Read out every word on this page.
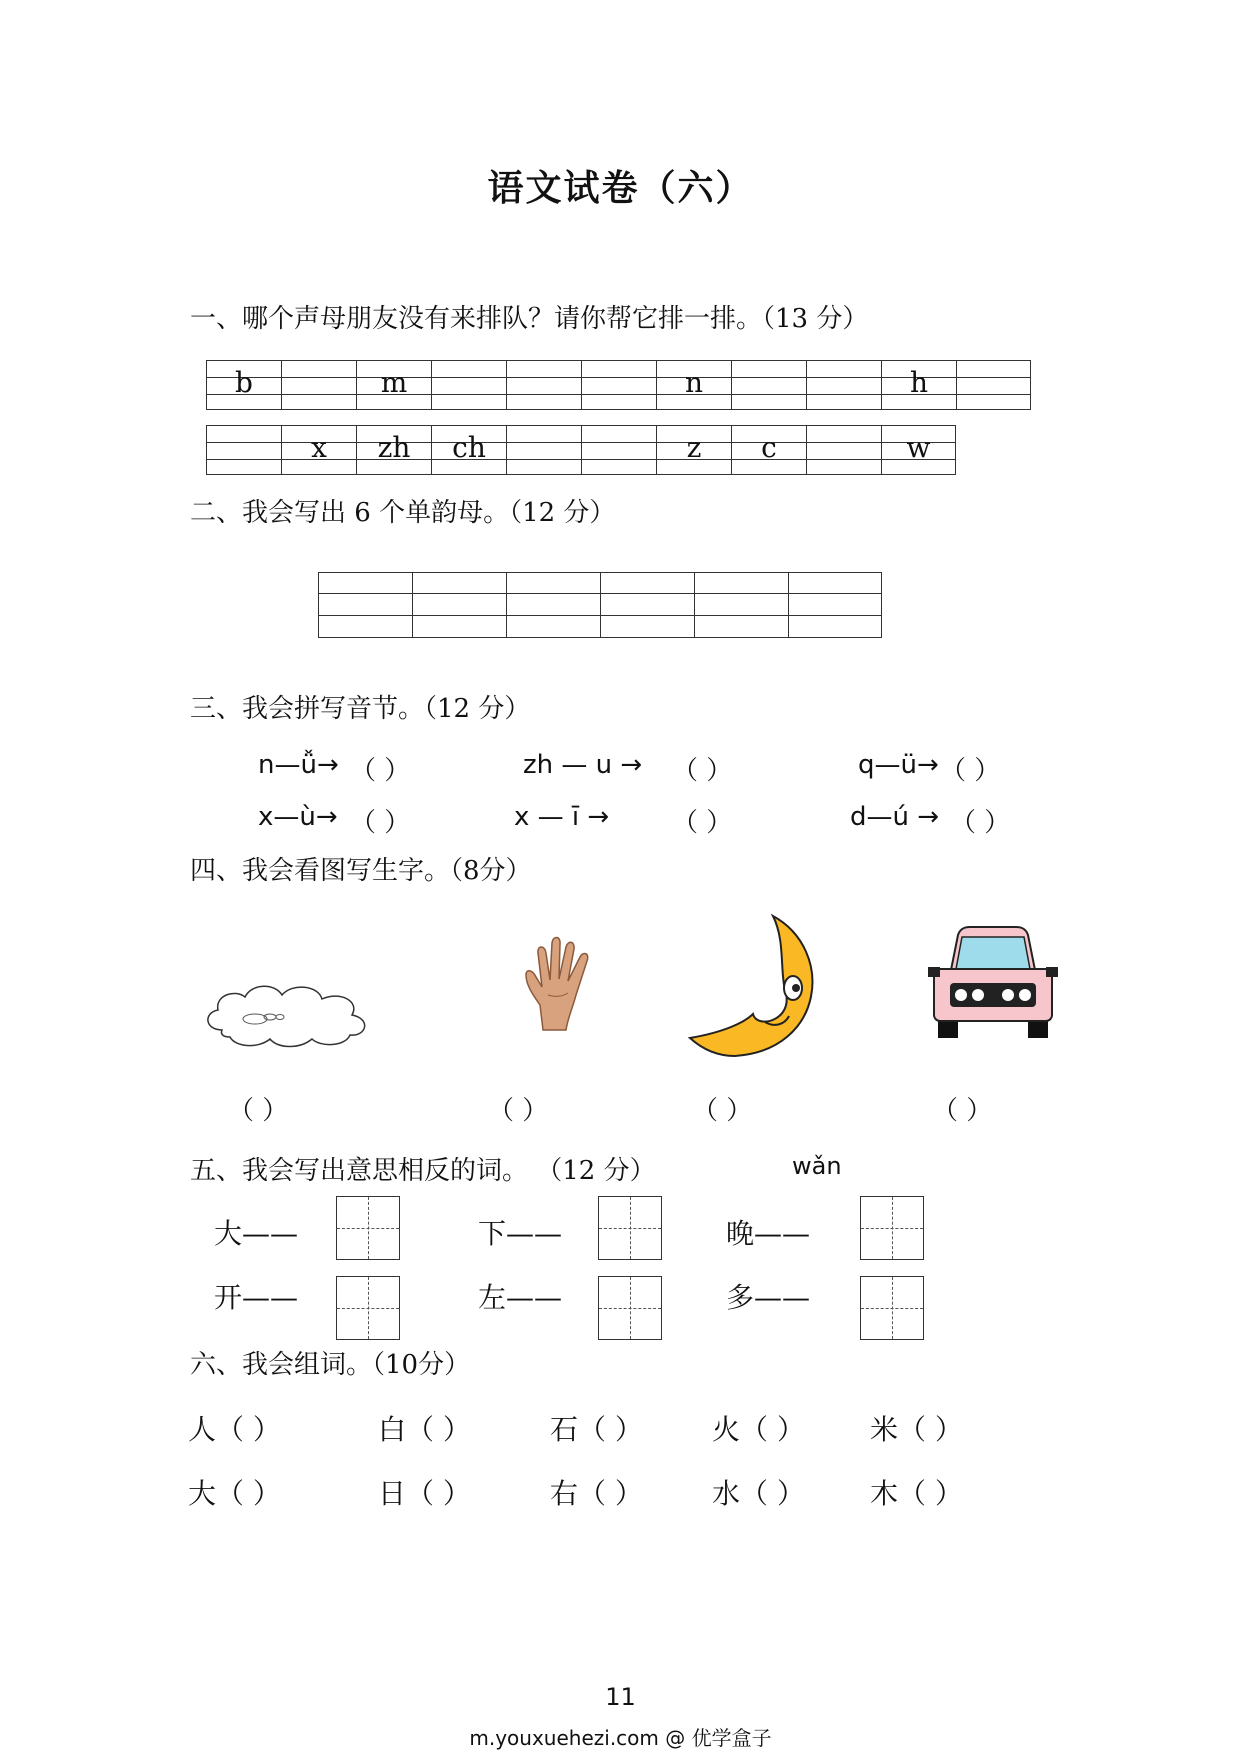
语文试卷（六）
一、哪个声母朋友没有来排队？请你帮它排一排。（13 分）
b	m	n	h
x	zh	ch	z	c	w
二、我会写出 6 个单韵母。（12 分）
三、我会拼写音节。（12 分）
n—ǚ→ （ ）	zh — u → （ ）	q—ü→ （ ）
x—ù→ （ ）	x — ī → （ ）	d—ú → （ ）
四、我会看图写生字。（8分）
（ ）	（ ）	（ ）	（ ）
五、我会写出意思相反的词。 （12 分）	wǎn
大——	下——	晚——
开——	左——	多——
六、我会组词。（10分）
人（ ）	白（ ）	石（ ） 火（ ） 米（ ）
大（ ）	日（ ）	右（ ） 水（ ） 木（ ）
11
m.youxuehezi.com @ 优学盒子
